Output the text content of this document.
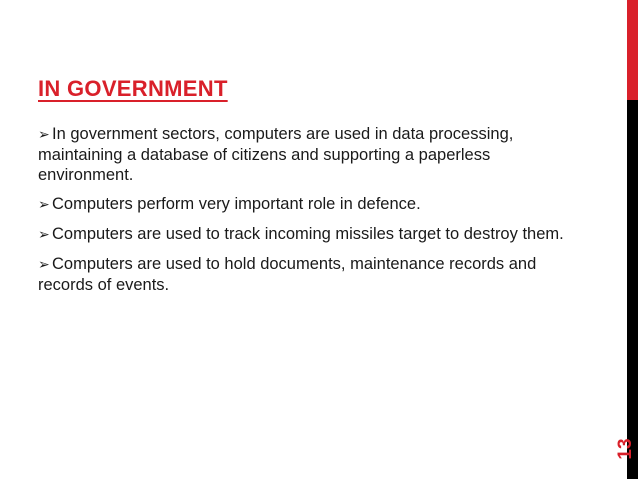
IN GOVERNMENT
➢ In government sectors, computers are used in data processing, maintaining a database of citizens and supporting a paperless environment.
➢ Computers perform very important role in defence.
➢ Computers are used to track incoming missiles target to destroy them.
➢ Computers are used to hold documents, maintenance records and records of events.
13
